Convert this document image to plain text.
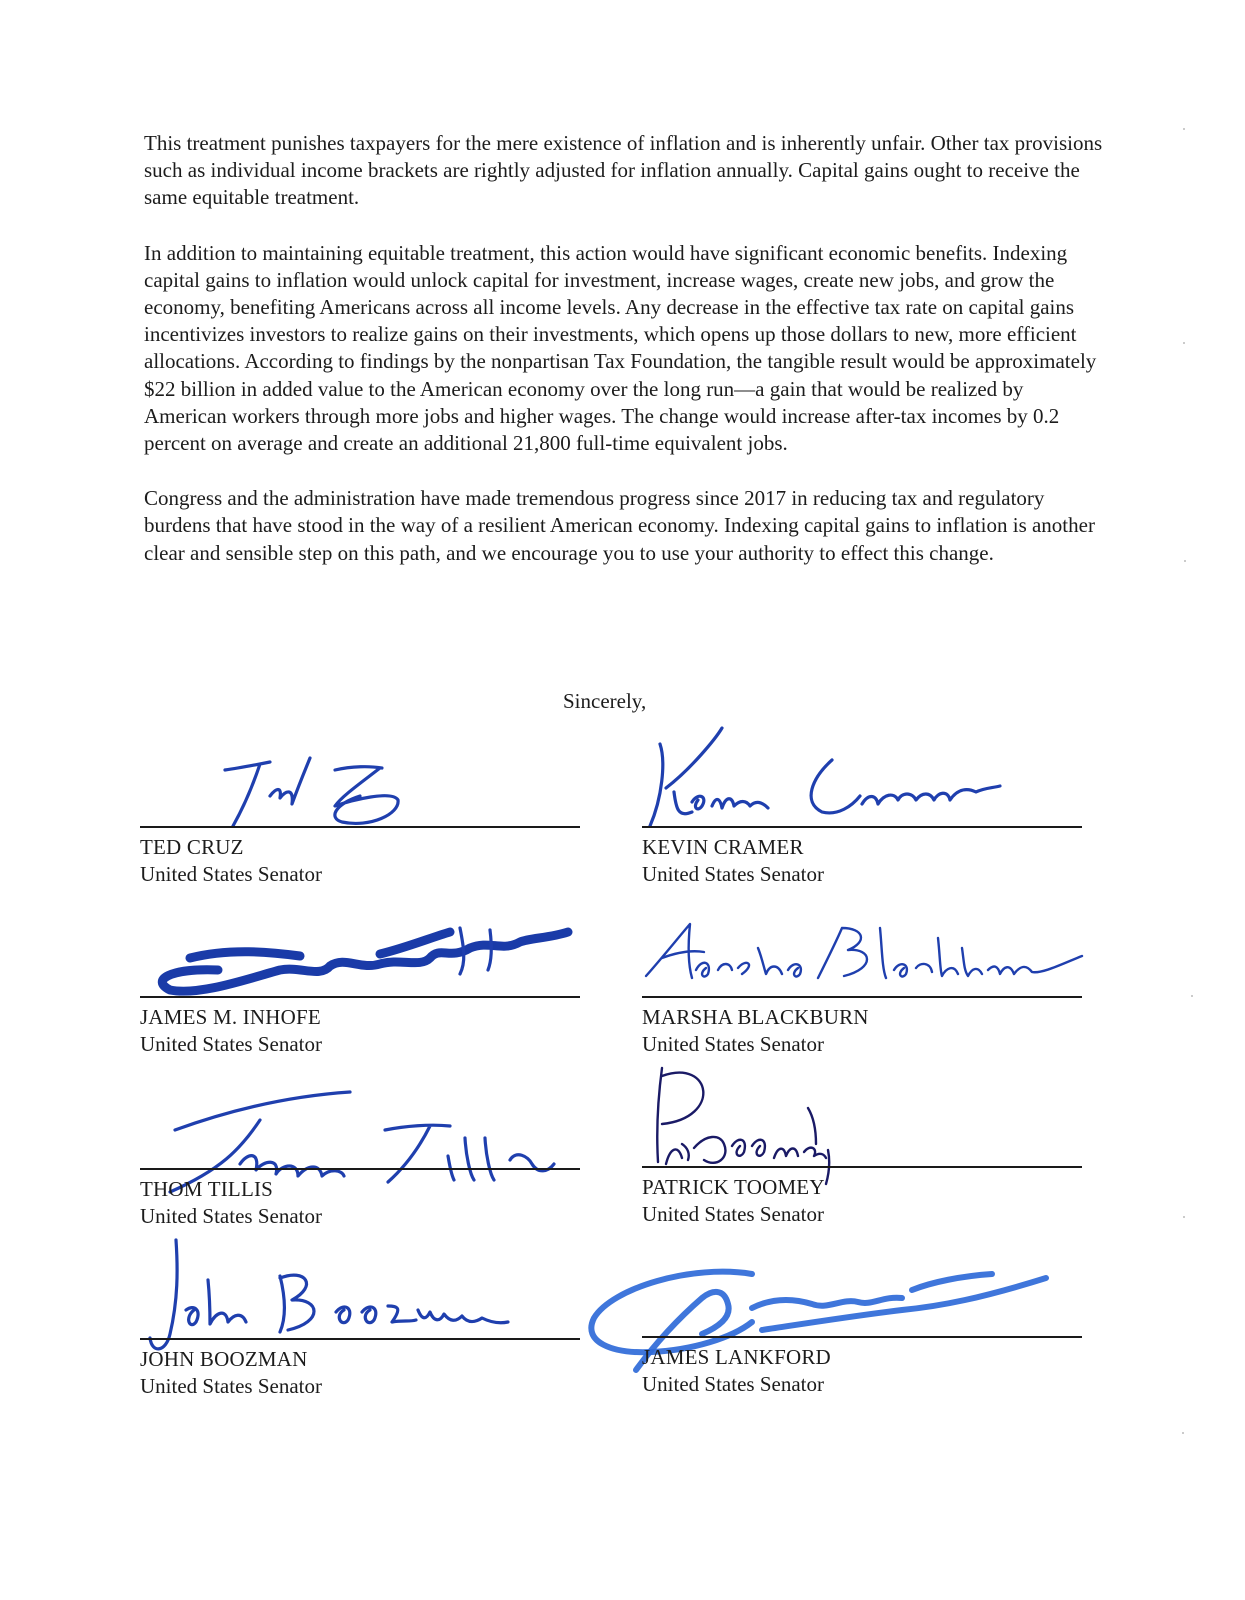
This treatment punishes taxpayers for the mere existence of inflation and is inherently unfair. Other tax provisions such as individual income brackets are rightly adjusted for inflation annually. Capital gains ought to receive the same equitable treatment.

In addition to maintaining equitable treatment, this action would have significant economic benefits. Indexing capital gains to inflation would unlock capital for investment, increase wages, create new jobs, and grow the economy, benefiting Americans across all income levels. Any decrease in the effective tax rate on capital gains incentivizes investors to realize gains on their investments, which opens up those dollars to new, more efficient allocations. According to findings by the nonpartisan Tax Foundation, the tangible result would be approximately $22 billion in added value to the American economy over the long run—a gain that would be realized by American workers through more jobs and higher wages. The change would increase after-tax incomes by 0.2 percent on average and create an additional 21,800 full-time equivalent jobs.

Congress and the administration have made tremendous progress since 2017 in reducing tax and regulatory burdens that have stood in the way of a resilient American economy. Indexing capital gains to inflation is another clear and sensible step on this path, and we encourage you to use your authority to effect this change.

Sincerely,
TED CRUZ
United States Senator
JAMES M. INHOFE
United States Senator
THOM TILLIS
United States Senator
JOHN BOOZMAN
United States Senator
KEVIN CRAMER
United States Senator
MARSHA BLACKBURN
United States Senator
PATRICK TOOMEY
United States Senator
JAMES LANKFORD
United States Senator
